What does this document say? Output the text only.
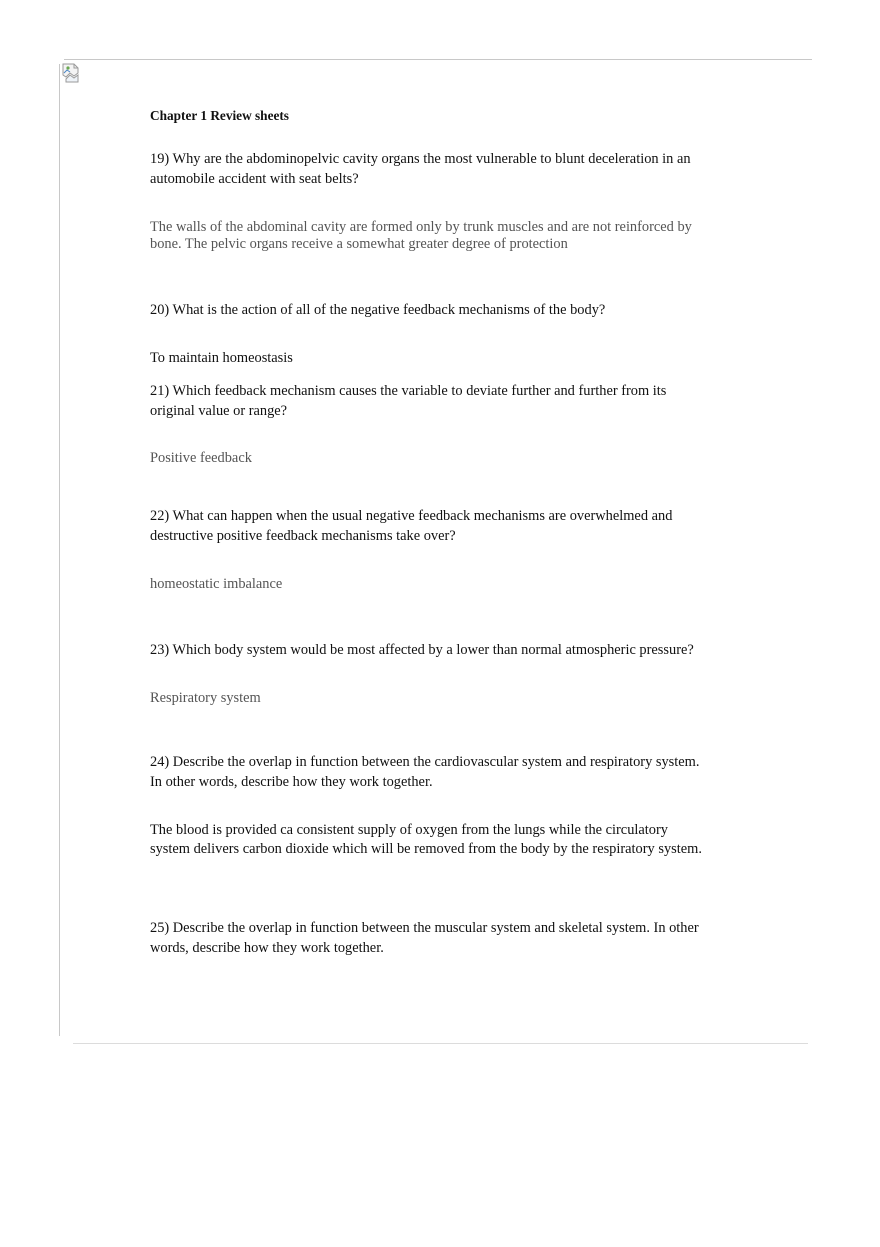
Chapter 1 Review sheets

19) Why are the abdominopelvic cavity organs the most vulnerable to blunt deceleration in an
automobile accident with seat belts?

The walls of the abdominal cavity are formed only by trunk muscles and are not reinforced by
bone. The pelvic organs receive a somewhat greater degree of protection

20) What is the action of all of the negative feedback mechanisms of the body?

To maintain homeostasis

21) Which feedback mechanism causes the variable to deviate further and further from its
original value or range?

Positive feedback

22) What can happen when the usual negative feedback mechanisms are overwhelmed and
destructive positive feedback mechanisms take over?

homeostatic imbalance

23) Which body system would be most affected by a lower than normal atmospheric pressure?

Respiratory system

24) Describe the overlap in function between the cardiovascular system and respiratory system.
In other words, describe how they work together.

The blood is provided ca consistent supply of oxygen from the lungs while the circulatory
system delivers carbon dioxide which will be removed from the body by the respiratory system.

25) Describe the overlap in function between the muscular system and skeletal system. In other
words, describe how they work together.
